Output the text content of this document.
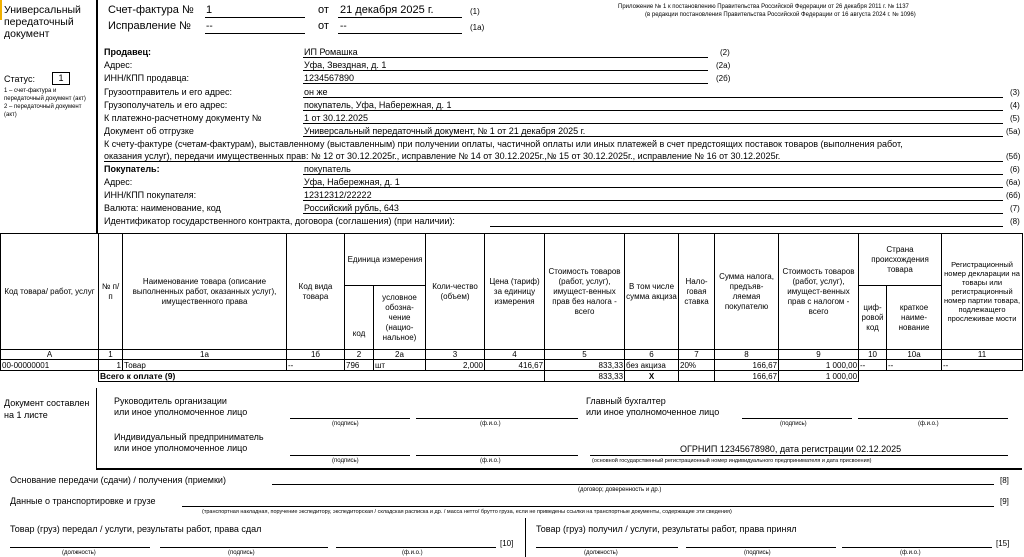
Универсальный передаточный документ
Статус:	1
1 – счет-фактура и передаточный документ (акт) 2 – передаточный документ (акт)
Счет-фактура № 1	от 21 декабря 2025 г.	(1)
Исправление № --	от --	(1а)
Приложение № 1 к постановлению Правительства Российской Федерации от 26 декабря 2011 г. № 1137
(в редакции постановления Правительства Российской Федерации от 16 августа 2024 г. № 1096)
Продавец:	ИП Ромашка	(2)
Адрес:	Уфа, Звездная, д. 1	(2а)
ИНН/КПП продавца:	1234567890	(2б)
Грузоотправитель и его адрес:	он же	(3)
Грузополучатель и его адрес:	покупатель, Уфа, Набережная, д. 1	(4)
К платежно-расчетному документу №	1 от 30.12.2025	(5)
Документ об отгрузке	Универсальный передаточный документ, № 1 от 21 декабря 2025 г.	(5а)
К счету-фактуре (счетам-фактурам), выставленному (выставленным) при получении оплаты, частичной оплаты или иных платежей в счет предстоящих поставок товаров (выполнения работ,
оказания услуг), передачи имущественных прав: № 12 от 30.12.2025г., исправление № 14 от 30.12.2025г.,№ 15 от 30.12.2025г., исправление № 16 от 30.12.2025г.	(5б)
Покупатель:	покупатель	(6)
Адрес:	Уфа, Набережная, д. 1	(6а)
ИНН/КПП покупателя:	12312312/22222	(6б)
Валюта: наименование, код	Российский рубль, 643	(7)
Идентификатор государственного контракта, договора (соглашения) (при наличии):	(8)
Код товара/ работ, услуг	№ п/п	Наименование товара (описание выполненных работ, оказанных услуг), имущественного права	Код вида товара	Единица измерения		Коли-чество (объем)	Цена (тариф) за единицу измерения	Стоимость товаров (работ, услуг), имущест-венных прав без налога - всего	В том числе сумма акциза	Нало-говая ставка	Сумма налога, предъяв-ляемая покупателю	Стоимость товаров (работ, услуг), имущест-венных прав с налогом - всего	Страна происхождения товара		Регистрационный номер декларации на товары или регистрационный номер партии товара, подлежащего прослеживае мости
				код	условное обозна-чение (нацио-нальное)								циф-ровой код	краткое наиме-нование	
А	1	1а	1б	2	2а	3	4	5	6	7	8	9	10	10а	11
00-00000001	1	Товар	--	796	шт	2,000	416,67	833,33	без акциза	20%	166,67	1 000,00	--	--	--
	Всего к оплате (9)							833,33	X		166,67	1 000,00			
Документ составлен на 1 листе
Руководитель организации
или иное уполномоченное лицо
(подпись)	(ф.и.о.)
Главный бухгалтер
или иное уполномоченное лицо
(подпись)	(ф.и.о.)
Индивидуальный предприниматель
или иное уполномоченное лицо
(подпись)	(ф.и.о.)
ОГРНИП 12345678980, дата регистрации 02.12.2025
(основной государственный регистрационный номер индивидуального предпринимателя и дата присвоения)
Основание передачи (сдачи) / получения (приемки)	[8]
(договор; доверенность и др.)
Данные о транспортировке и грузе	[9]
(транспортная накладная, поручение экспедитору, экспедиторская / складская расписка и др. / масса нетто/ брутто груза, если не приведены ссылки на транспортные документы, содержащие эти сведения)
Товар (груз) передал / услуги, результаты работ, права сдал
(должность)	(подпись)	(ф.и.о.)
[10]
Товар (груз) получил / услуги, результаты работ, права принял
(должность)	(подпись)	(ф.и.о.)
[15]
